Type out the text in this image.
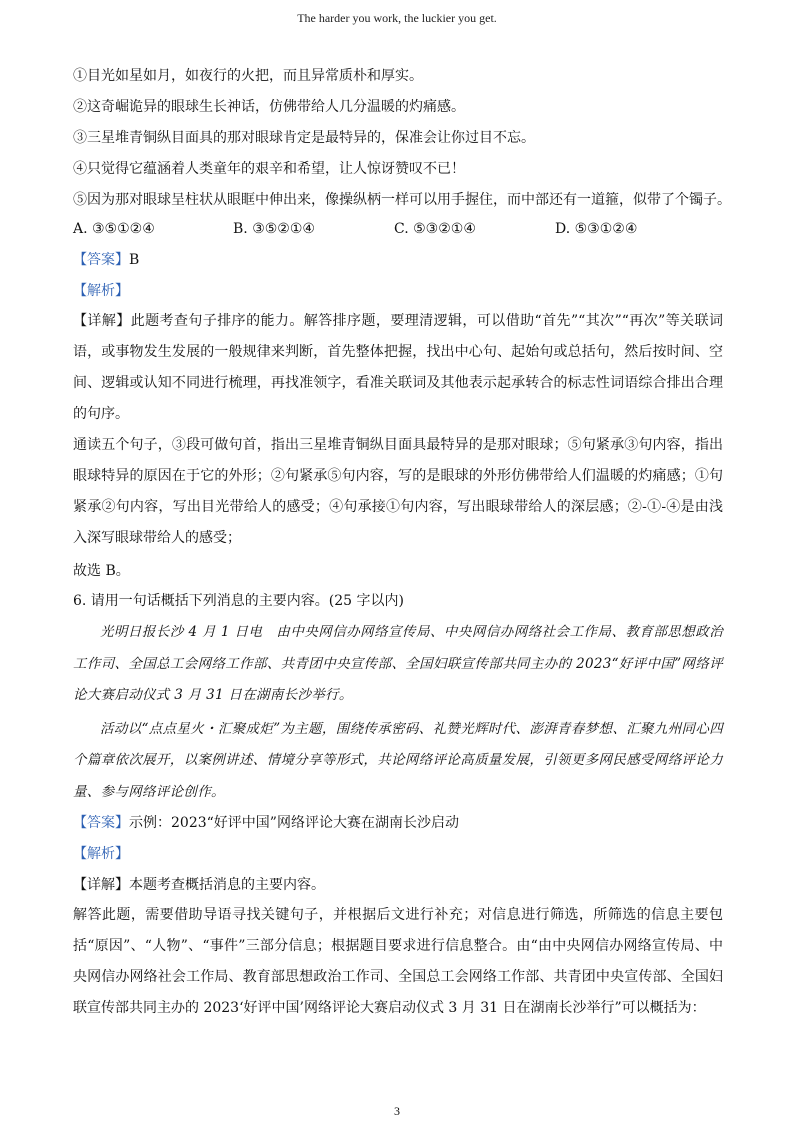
The harder you work, the luckier you get.
①目光如星如月，如夜行的火把，而且异常质朴和厚实。
②这奇崛诡异的眼球生长神话，仿佛带给人几分温暖的灼痛感。
③三星堆青铜纵目面具的那对眼球肯定是最特异的，保准会让你过目不忘。
④只觉得它蕴涵着人类童年的艰辛和希望，让人惊讶赞叹不已！
⑤因为那对眼球呈柱状从眼眶中伸出来，像操纵柄一样可以用手握住，而中部还有一道箍，似带了个镯子。
A. ③⑤①②④	B. ③⑤②①④	C. ⑤③②①④	D. ⑤③①②④
【答案】B
【解析】

【详解】此题考查句子排序的能力。解答排序题，要理清逻辑，可以借助“首先”“其次”“再次”等关联词语，或事物发生发展的一般规律来判断，首先整体把握，找出中心句、起始句或总括句，然后按时间、空间、逻辑或认知不同进行梳理，再找准领字，看准关联词及其他表示起承转合的标志性词语综合排出合理的句序。

通读五个句子，③段可做句首，指出三星堆青铜纵目面具最特异的是那对眼球；⑤句紧承③句内容，指出眼球特异的原因在于它的外形；②句紧承⑤句内容，写的是眼球的外形仿佛带给人们温暖的灼痛感；①句紧承②句内容，写出目光带给人的感受；④句承接①句内容，写出眼球带给人的深层感；②-①-④是由浅入深写眼球带给人的感受；

故选 B。
6. 请用一句话概括下列消息的主要内容。(25 字以内)

光明日报长沙 4 月 1 日电　由中央网信办网络宣传局、中央网信办网络社会工作局、教育部思想政治工作司、全国总工会网络工作部、共青团中央宣传部、全国妇联宣传部共同主办的 2023“好评中国”网络评论大赛启动仪式 3 月 31 日在湖南长沙举行。

活动以“点点星火・汇聚成炬”为主题，围绕传承密码、礼赞光辉时代、澎湃青春梦想、汇聚九州同心四个篇章依次展开，以案例讲述、情境分享等形式，共论网络评论高质量发展，引领更多网民感受网络评论力量、参与网络评论创作。

【答案】示例：2023“好评中国”网络评论大赛在湖南长沙启动
【解析】
【详解】本题考查概括消息的主要内容。

解答此题，需要借助导语寻找关键句子，并根据后文进行补充；对信息进行筛选，所筛选的信息主要包括“原因”、“人物”、“事件”三部分信息；根据题目要求进行信息整合。由“由中央网信办网络宣传局、中央网信办网络社会工作局、教育部思想政治工作司、全国总工会网络工作部、共青团中央宣传部、全国妇联宣传部共同主办的 2023‘好评中国’网络评论大赛启动仪式 3 月 31 日在湖南长沙举行”可以概括为：

3
